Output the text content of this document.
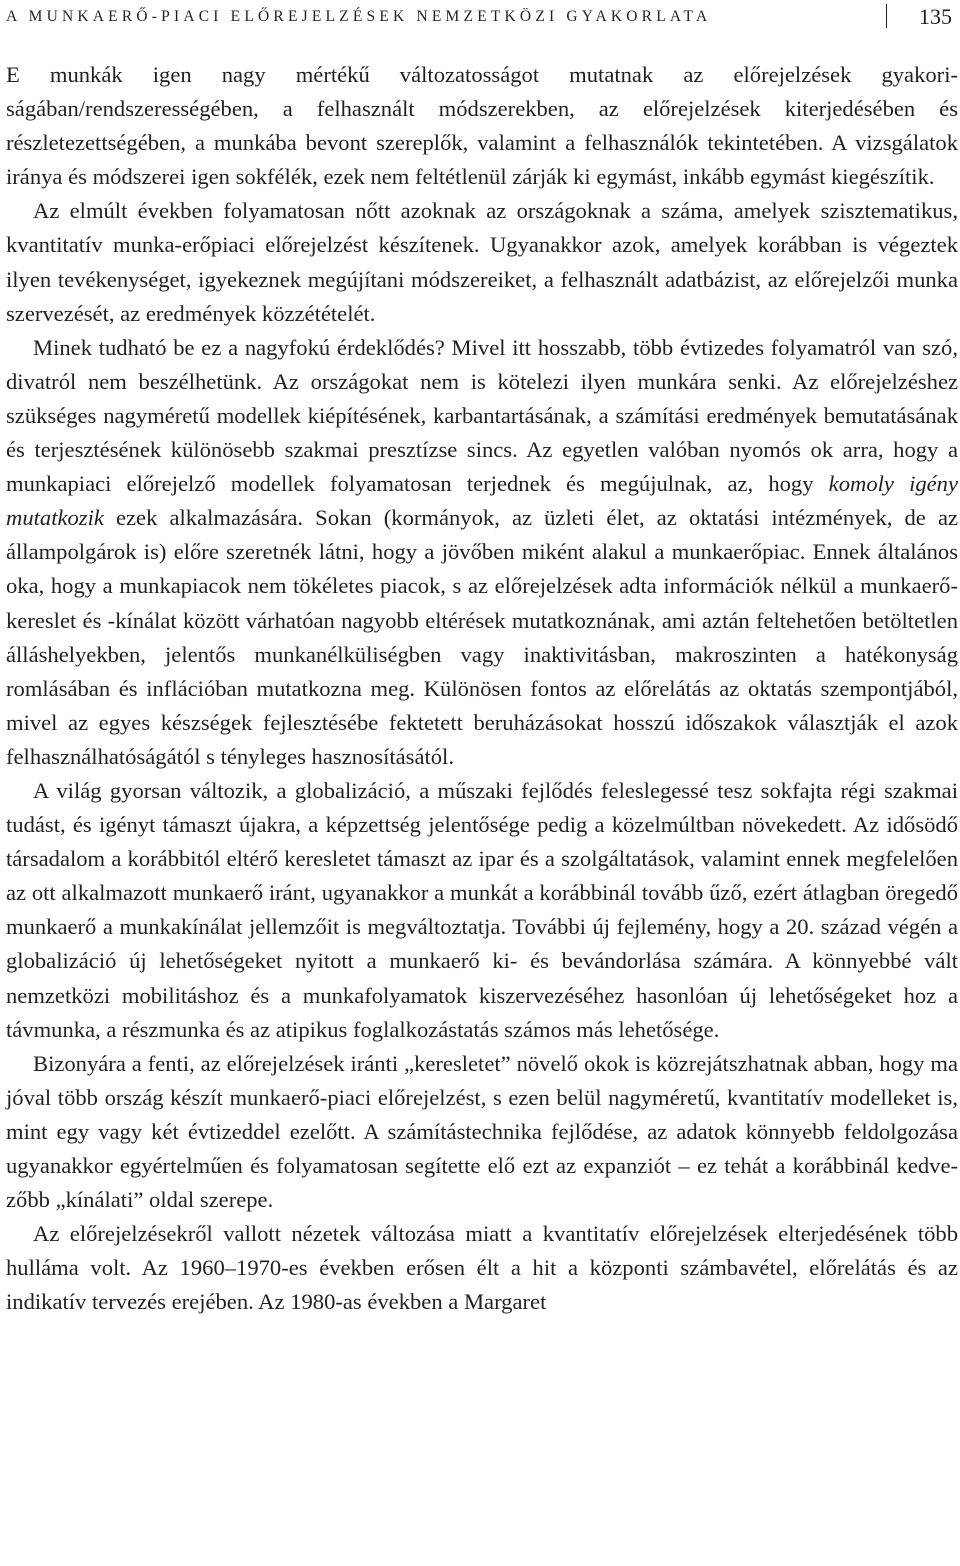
A MUNKAERŐ-PIACI ELŐREJELZÉSEK NEMZETKÖZI GYAKORLATA	135

E munkák igen nagy mértékű változatosságot mutatnak az előrejelzések gyakoriságában/rendszerességében, a felhasznált módszerekben, az előrejelzések kiterjedésében és részletezettségében, a munkába bevont szereplők, valamint a felhasználók tekintetében. A vizsgálatok iránya és módszerei igen sokfélék, ezek nem feltétlenül zárják ki egymást, inkább egymást kiegészítik.

Az elmúlt években folyamatosan nőtt azoknak az országoknak a száma, amelyek szisztematikus, kvantitatív munka-erőpiaci előrejelzést készítenek. Ugyanakkor azok, amelyek korábban is végeztek ilyen tevékenységet, igyekeznek megújítani módszereiket, a felhasznált adatbázist, az előrejelzői munka szervezését, az eredmények közzétételét.

Minek tudható be ez a nagyfokú érdeklődés? Mivel itt hosszabb, több évtizedes folyamatról van szó, divatról nem beszélhetünk. Az országokat nem is kötelezi ilyen munkára senki. Az előrejelzéshez szükséges nagyméretű modellek kiépítésének, karbantartásának, a számítási eredmények bemutatásának és terjesztésének különösebb szakmai presztízse sincs. Az egyetlen valóban nyomós ok arra, hogy a munkapiaci előrejelző modellek folyamatosan terjednek és megújulnak, az, hogy komoly igény mutatkozik ezek alkalmazására. Sokan (kormányok, az üzleti élet, az oktatási intézmények, de az állampolgárok is) előre szeretnék látni, hogy a jövőben miként alakul a munkaerőpiac. Ennek általános oka, hogy a munkapiacok nem tökéletes piacok, s az előrejelzések adta információk nélkül a munkaerő-kereslet és -kínálat között várhatóan nagyobb eltérések mutatkoznának, ami aztán feltehetően betöltetlen álláshelyekben, jelentős munkanélküliségben vagy inaktivitásban, makroszinten a hatékonyság romlásában és inflációban mutatkozna meg. Különösen fontos az előrelátás az oktatás szempontjából, mivel az egyes készségek fejlesztésébe fektetett beruházásokat hosszú időszakok választják el azok felhasználhatóságától s tényleges hasznosításától.

A világ gyorsan változik, a globalizáció, a műszaki fejlődés feleslegessé tesz sokfajta régi szakmai tudást, és igényt támaszt újakra, a képzettség jelentősége pedig a közelmúltban növekedett. Az idősödő társadalom a korábbitól eltérő keresletet támaszt az ipar és a szolgáltatások, valamint ennek megfelelően az ott alkalmazott munkaerő iránt, ugyanakkor a munkát a korábbinál tovább űző, ezért átlagban öregedő munkaerő a munkakínálat jellemzőit is megváltoztatja. További új fejlemény, hogy a 20. század végén a globalizáció új lehetőségeket nyitott a munkaerő ki- és bevándorlása számára. A könnyebbé vált nemzetközi mobilitáshoz és a munkafolyamatok kiszervezéséhez hasonlóan új lehetőségeket hoz a távmunka, a részmunka és az atipikus foglalkozástatás számos más lehetősége.

Bizonyára a fenti, az előrejelzések iránti „keresletet” növelő okok is közrejátszhatnak abban, hogy ma jóval több ország készít munkaerő-piaci előrejelzést, s ezen belül nagyméretű, kvantitatív modelleket is, mint egy vagy két évtizeddel ezelőtt. A számítástechnika fejlődése, az adatok könnyebb feldolgozása ugyanakkor egyértelműen és folyamatosan segítette elő ezt az expanziót – ez tehát a korábbinál kedvezőbb „kínálati” oldal szerepe.

Az előrejelzésekről vallott nézetek változása miatt a kvantitatív előrejelzések elterjedésének több hulláma volt. Az 1960–1970-es években erősen élt a hit a központi számbavétel, előrelátás és az indikatív tervezés erejében. Az 1980-as években a Margaret
